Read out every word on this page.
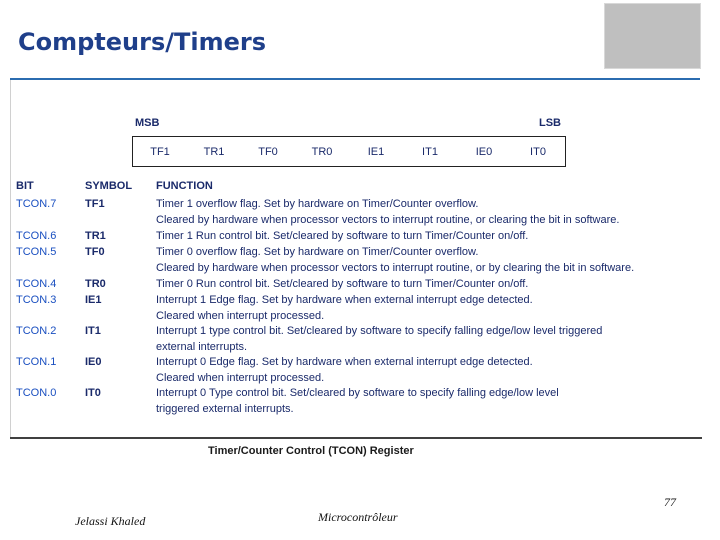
Compteurs/Timers
MSB	LSB
TF1	TR1	TF0	TR0	IE1	IT1	IE0	IT0
BIT	SYMBOL FUNCTION
TCON.7	TF1	Timer 1 overflow flag. Set by hardware on Timer/Counter overflow.
Cleared by hardware when processor vectors to interrupt routine, or clearing the bit in software.
TCON.6	TR1	Timer 1 Run control bit. Set/cleared by software to turn Timer/Counter on/off.
TCON.5	TF0	Timer 0 overflow flag. Set by hardware on Timer/Counter overflow.
Cleared by hardware when processor vectors to interrupt routine, or by clearing the bit in software.
TCON.4	TR0	Timer 0 Run control bit. Set/cleared by software to turn Timer/Counter on/off.
TCON.3	IE1	Interrupt 1 Edge flag. Set by hardware when external interrupt edge detected.
Cleared when interrupt processed.
TCON.2	IT1	Interrupt 1 type control bit. Set/cleared by software to specify falling edge/low level triggered
external interrupts.
TCON.1	IE0	Interrupt 0 Edge flag. Set by hardware when external interrupt edge detected.
Cleared when interrupt processed.
TCON.0	IT0	Interrupt 0 Type control bit. Set/cleared by software to specify falling edge/low level
triggered external interrupts.
Timer/Counter Control (TCON) Register
Jelassi Khaled	Microcontrôleur
77
